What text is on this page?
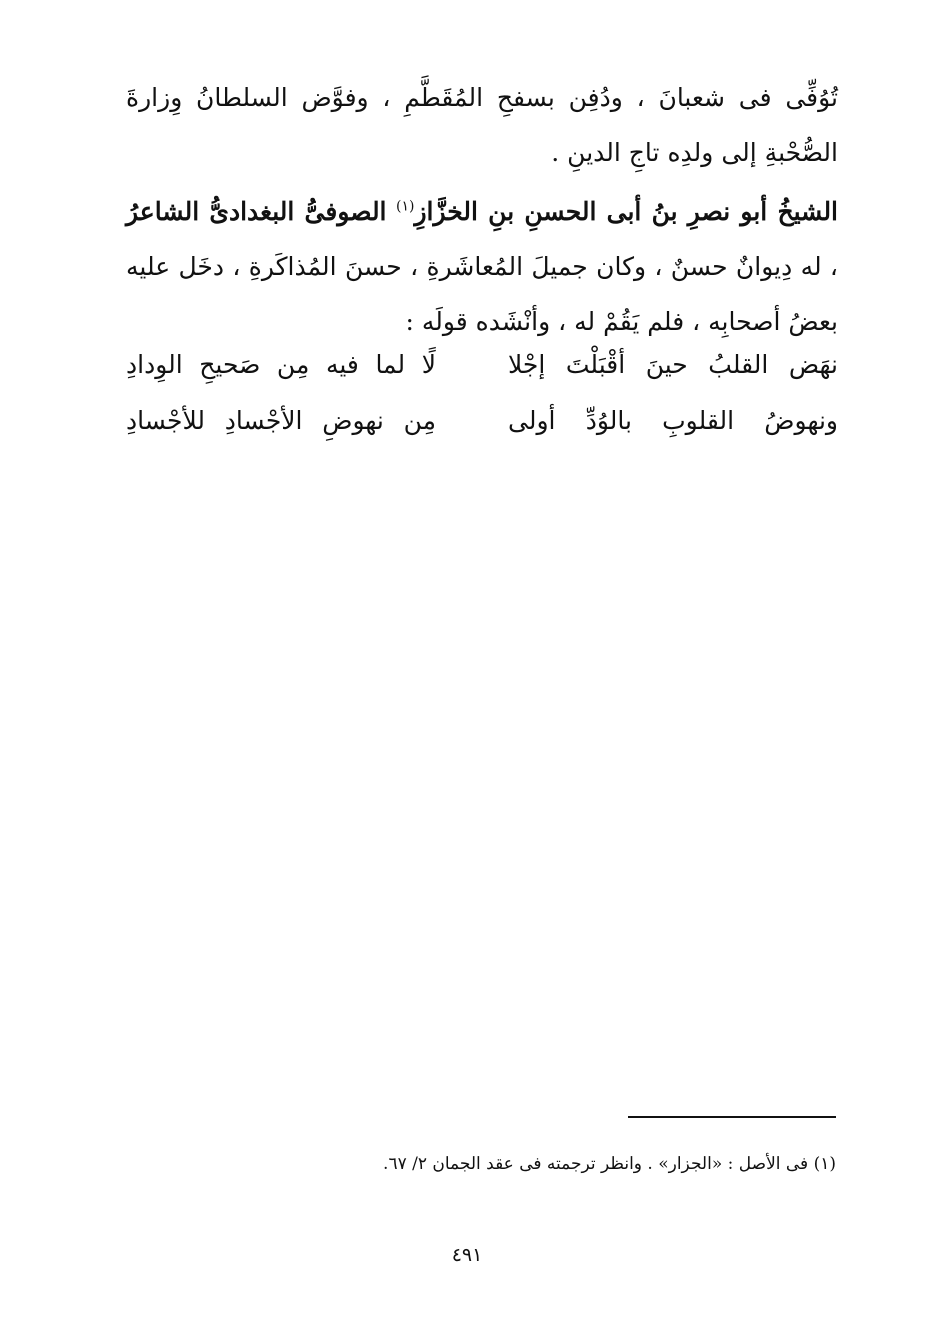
تُوُفِّى فى شعبانَ ، ودُفِن بسفحِ المُقَطَّمِ ، وفوَّض السلطانُ وِزارةَ الصُّحْبةِ إلى ولدِه تاجِ الدينِ .

الشيخُ أبو نصرِ بنُ أبى الحسنِ بنِ الخزَّازِ$^{(١)}$ الصوفىُّ البغدادىُّ الشاعرُ ، له دِيوانٌ حسنٌ ، وكان جميلَ المُعاشَرةِ ، حسنَ المُذاكَرةِ ، دخَل عليه بعضُ أصحابِه ، فلم يَقُمْ له ، وأنْشَده قولَه :

نهَض القلبُ حينَ أقْبَلْتَ إجْلا
لًا لما فيه مِن صَحيحِ الوِدادِ
ونهوضُ القلوبِ بالوُدِّ أولى
مِن نهوضِ الأجْسادِ للأجْسادِ
(١) فى الأصل : «الجزار» . وانظر ترجمته فى عقد الجمان ٢/ ٦٧.
٤٩١
